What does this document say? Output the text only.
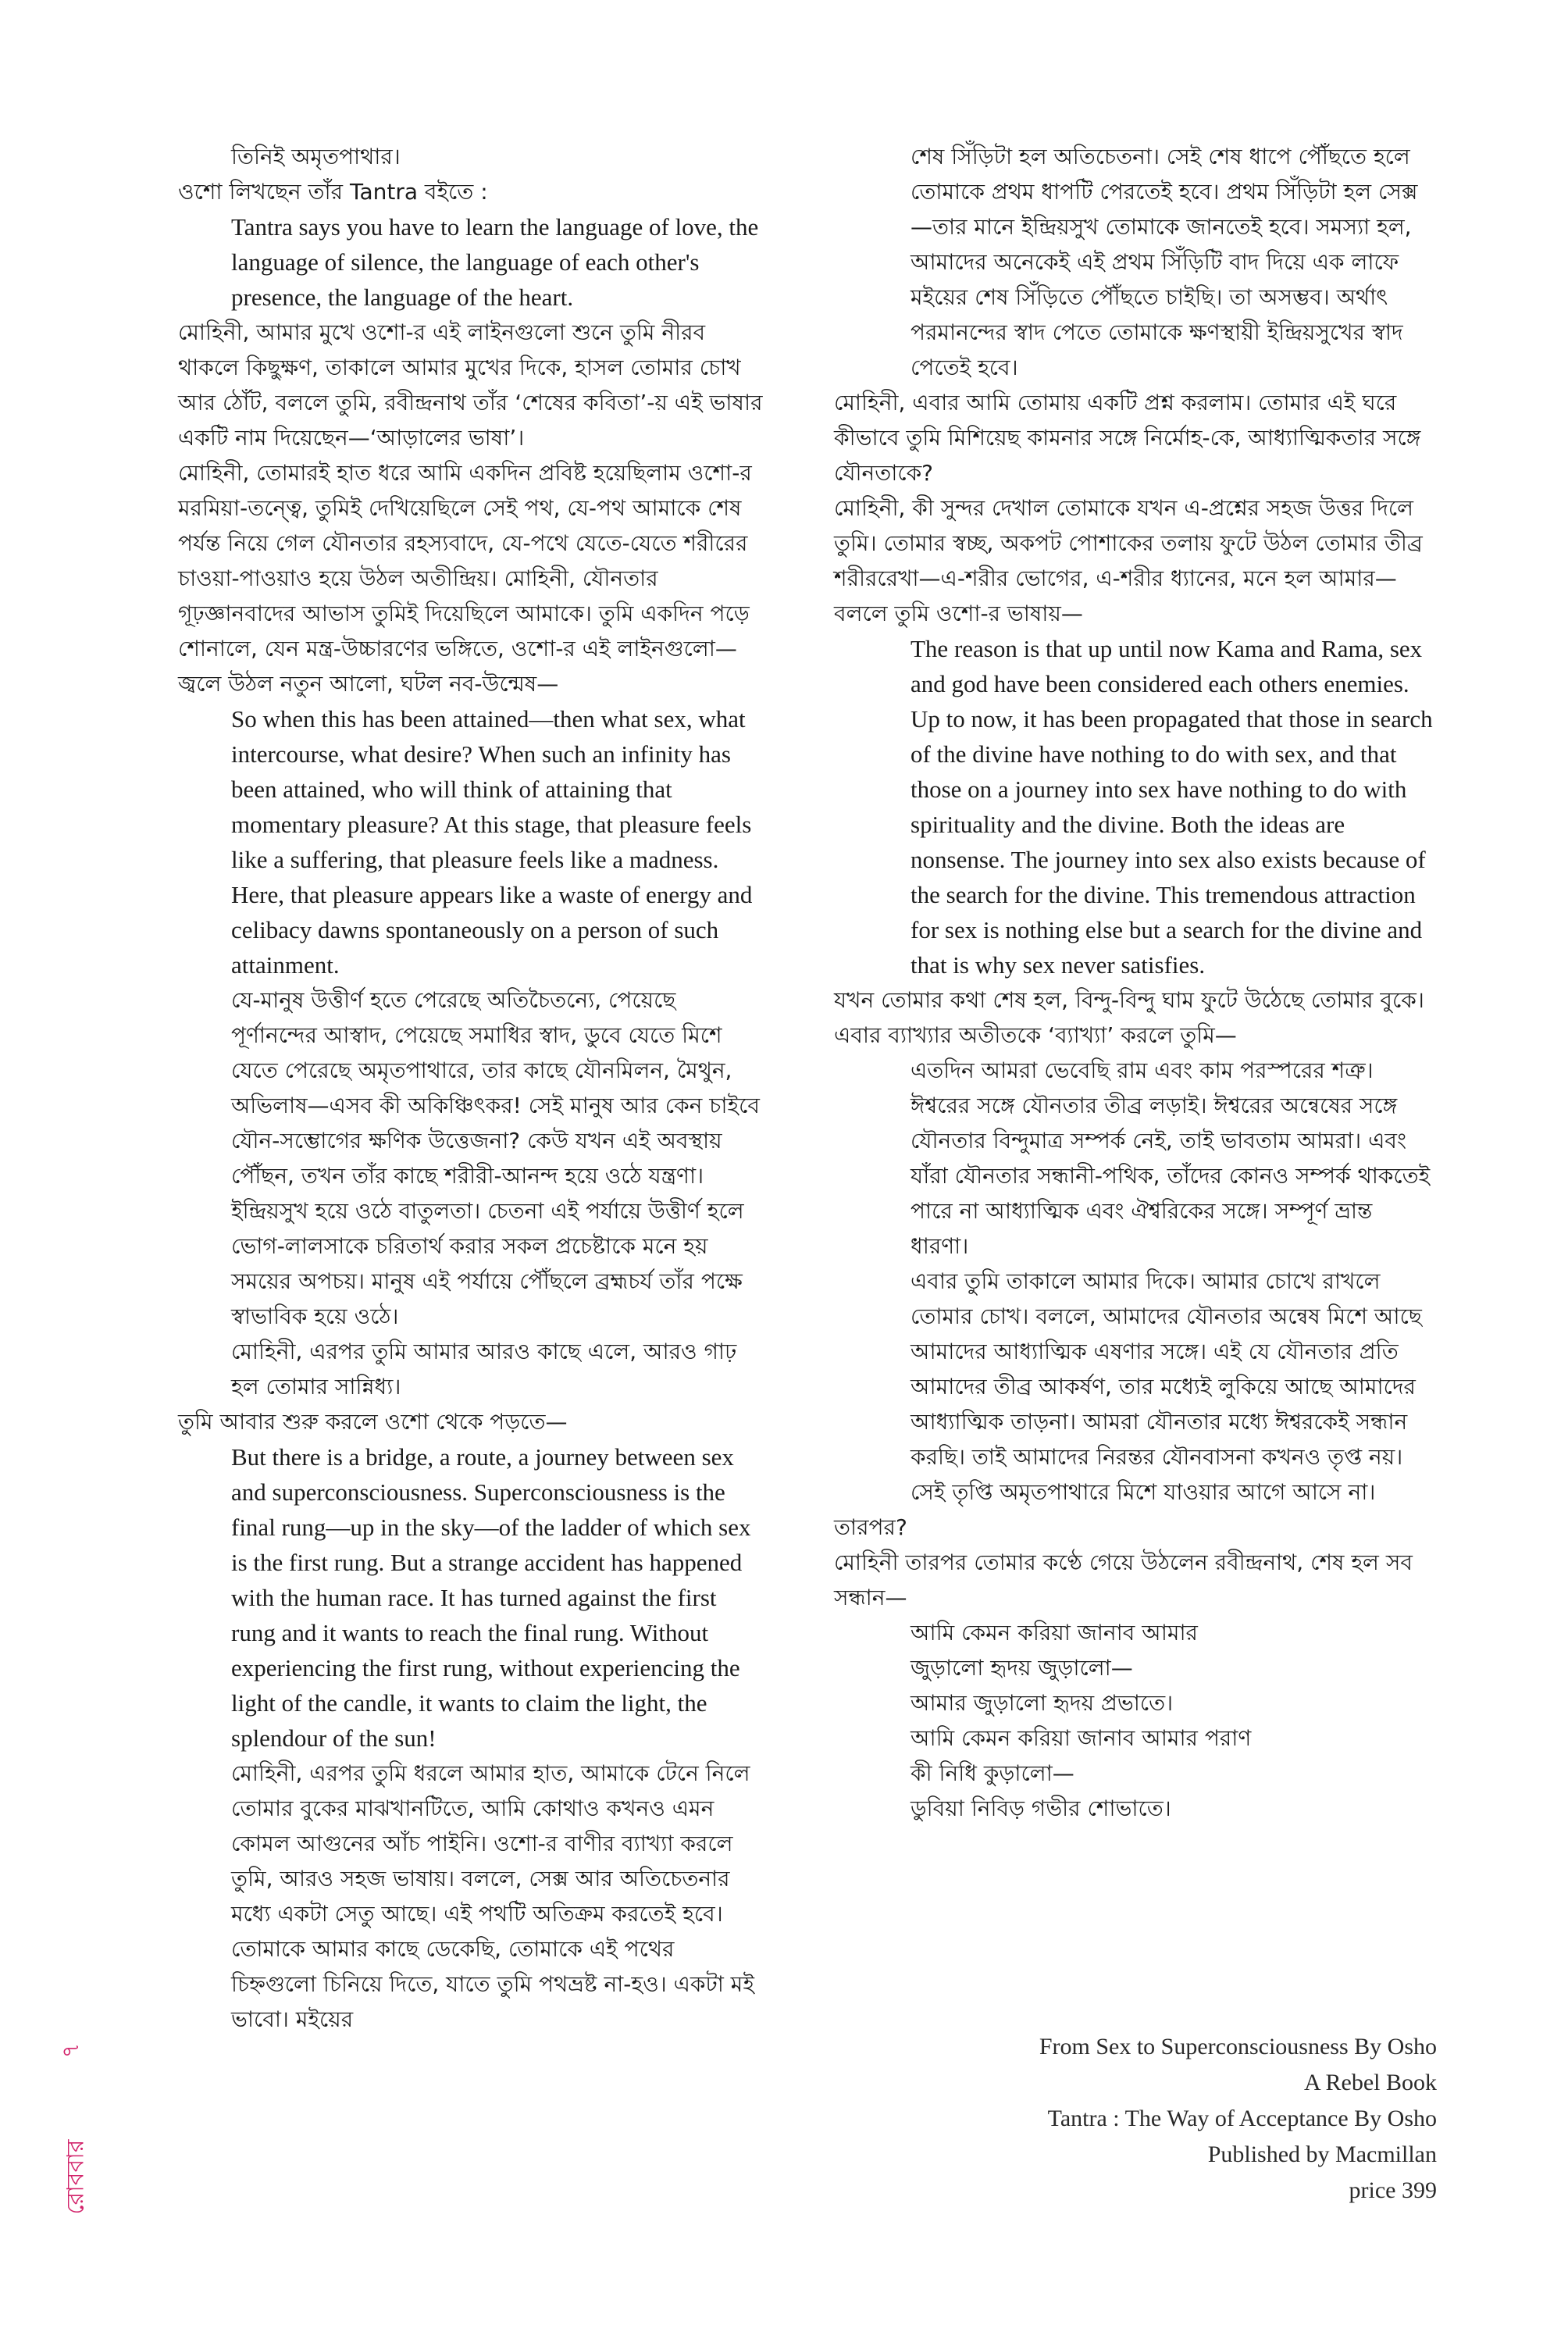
তিনিই অমৃতপাথার।

ওশো লিখছেন তাঁর Tantra বইতে :

Tantra says you have to learn the language of love, the language of silence, the language of each other's presence, the language of the heart.

মোহিনী, আমার মুখে ওশো-র এই লাইনগুলো শুনে তুমি নীরব থাকলে কিছুক্ষণ, তাকালে আমার মুখের দিকে, হাসল তোমার চোখ আর ঠোঁট, বললে তুমি, রবীন্দ্রনাথ তাঁর ‘শেষের কবিতা’-য় এই ভাষার একটি নাম দিয়েছেন—‘আড়ালের ভাষা’।

মোহিনী, তোমারই হাত ধরে আমি একদিন প্রবিষ্ট হয়েছিলাম ওশো-র মরমিয়া-তন্ত্বে, তুমিই দেখিয়েছিলে সেই পথ, যে-পথ আমাকে শেষ পর্যন্ত নিয়ে গেল যৌনতার রহস্যবাদে, যে-পথে যেতে-যেতে শরীরের চাওয়া-পাওয়াও হয়ে উঠল অতীন্দ্রিয়। মোহিনী, যৌনতার গূঢ়জ্ঞানবাদের আভাস তুমিই দিয়েছিলে আমাকে। তুমি একদিন পড়ে শোনালে, যেন মন্ত্র-উচ্চারণের ভঙ্গিতে, ওশো-র এই লাইনগুলো—জ্বলে উঠল নতুন আলো, ঘটল নব-উন্মেষ—

So when this has been attained—then what sex, what intercourse, what desire? When such an infinity has been attained, who will think of attaining that momentary pleasure? At this stage, that pleasure feels like a suffering, that pleasure feels like a madness. Here, that pleasure appears like a waste of energy and celibacy dawns spontaneously on a person of such attainment.

যে-মানুষ উত্তীর্ণ হতে পেরেছে অতিচৈতন্যে, পেয়েছে পূর্ণানন্দের আস্বাদ, পেয়েছে সমাধির স্বাদ, ডুবে যেতে মিশে যেতে পেরেছে অমৃতপাথারে, তার কাছে যৌনমিলন, মৈথুন, অভিলাষ—এসব কী অকিঞ্চিৎকর! সেই মানুষ আর কেন চাইবে যৌন-সম্ভোগের ক্ষণিক উত্তেজনা? কেউ যখন এই অবস্থায় পৌঁছন, তখন তাঁর কাছে শরীরী-আনন্দ হয়ে ওঠে যন্ত্রণা। ইন্দ্রিয়সুখ হয়ে ওঠে বাতুলতা। চেতনা এই পর্যায়ে উত্তীর্ণ হলে ভোগ-লালসাকে চরিতার্থ করার সকল প্রচেষ্টাকে মনে হয় সময়ের অপচয়। মানুষ এই পর্যায়ে পৌঁছলে ব্রহ্মচর্য তাঁর পক্ষে স্বাভাবিক হয়ে ওঠে।

মোহিনী, এরপর তুমি আমার আরও কাছে এলে, আরও গাঢ় হল তোমার সান্নিধ্য।

তুমি আবার শুরু করলে ওশো থেকে পড়তে—

But there is a bridge, a route, a journey between sex and superconsciousness. Superconsciousness is the final rung—up in the sky—of the ladder of which sex is the first rung. But a strange accident has happened with the human race. It has turned against the first rung and it wants to reach the final rung. Without experiencing the first rung, without experiencing the light of the candle, it wants to claim the light, the splendour of the sun!

মোহিনী, এরপর তুমি ধরলে আমার হাত, আমাকে টেনে নিলে তোমার বুকের মাঝখানটিতে, আমি কোথাও কখনও এমন কোমল আগুনের আঁচ পাইনি। ওশো-র বাণীর ব্যাখ্যা করলে তুমি, আরও সহজ ভাষায়। বললে, সেক্স আর অতিচেতনার মধ্যে একটা সেতু আছে। এই পথটি অতিক্রম করতেই হবে। তোমাকে আমার কাছে ডেকেছি, তোমাকে এই পথের চিহ্নগুলো চিনিয়ে দিতে, যাতে তুমি পথভ্রষ্ট না-হও। একটা মই ভাবো। মইয়ের

শেষ সিঁড়িটা হল অতিচেতনা। সেই শেষ ধাপে পৌঁছতে হলে তোমাকে প্রথম ধাপটি পেরতেই হবে। প্রথম সিঁড়িটা হল সেক্স—তার মানে ইন্দ্রিয়সুখ তোমাকে জানতেই হবে। সমস্যা হল, আমাদের অনেকেই এই প্রথম সিঁড়িটি বাদ দিয়ে এক লাফে মইয়ের শেষ সিঁড়িতে পৌঁছতে চাইছি। তা অসম্ভব। অর্থাৎ পরমানন্দের স্বাদ পেতে তোমাকে ক্ষণস্থায়ী ইন্দ্রিয়সুখের স্বাদ পেতেই হবে।

মোহিনী, এবার আমি তোমায় একটি প্রশ্ন করলাম। তোমার এই ঘরে কীভাবে তুমি মিশিয়েছ কামনার সঙ্গে নির্মোহ-কে, আধ্যাত্মিকতার সঙ্গে যৌনতাকে?

মোহিনী, কী সুন্দর দেখাল তোমাকে যখন এ-প্রশ্নের সহজ উত্তর দিলে তুমি। তোমার স্বচ্ছ, অকপট পোশাকের তলায় ফুটে উঠল তোমার তীব্র শরীররেখা—এ-শরীর ভোগের, এ-শরীর ধ্যানের, মনে হল আমার—বললে তুমি ওশো-র ভাষায়—

The reason is that up until now Kama and Rama, sex and god have been considered each others enemies. Up to now, it has been propagated that those in search of the divine have nothing to do with sex, and that those on a journey into sex have nothing to do with spirituality and the divine. Both the ideas are nonsense. The journey into sex also exists because of the search for the divine. This tremendous attraction for sex is nothing else but a search for the divine and that is why sex never satisfies.

যখন তোমার কথা শেষ হল, বিন্দু-বিন্দু ঘাম ফুটে উঠেছে তোমার বুকে। এবার ব্যাখ্যার অতীতকে ‘ব্যাখ্যা’ করলে তুমি—

এতদিন আমরা ভেবেছি রাম এবং কাম পরস্পরের শত্রু। ঈশ্বরের সঙ্গে যৌনতার তীব্র লড়াই। ঈশ্বরের অন্বেষের সঙ্গে যৌনতার বিন্দুমাত্র সম্পর্ক নেই, তাই ভাবতাম আমরা। এবং যাঁরা যৌনতার সন্ধানী-পথিক, তাঁদের কোনও সম্পর্ক থাকতেই পারে না আধ্যাত্মিক এবং ঐশ্বরিকের সঙ্গে। সম্পূর্ণ ভ্রান্ত ধারণা।

এবার তুমি তাকালে আমার দিকে। আমার চোখে রাখলে তোমার চোখ। বললে, আমাদের যৌনতার অন্বেষ মিশে আছে আমাদের আধ্যাত্মিক এষণার সঙ্গে। এই যে যৌনতার প্রতি আমাদের তীব্র আকর্ষণ, তার মধ্যেই লুকিয়ে আছে আমাদের আধ্যাত্মিক তাড়না। আমরা যৌনতার মধ্যে ঈশ্বরকেই সন্ধান করছি। তাই আমাদের নিরন্তর যৌনবাসনা কখনও তৃপ্ত নয়। সেই তৃপ্তি অমৃতপাথারে মিশে যাওয়ার আগে আসে না।

তারপর?

মোহিনী তারপর তোমার কণ্ঠে গেয়ে উঠলেন রবীন্দ্রনাথ, শেষ হল সব সন্ধান—

আমি কেমন করিয়া জানাব আমার

জুড়ালো হৃদয় জুড়ালো—

আমার জুড়ালো হৃদয় প্রভাতে।

আমি কেমন করিয়া জানাব আমার পরাণ

কী নিধি কুড়ালো—

ডুবিয়া নিবিড় গভীর শোভাতে।

From Sex to Superconsciousness By Osho
A Rebel Book
Tantra : The Way of Acceptance By Osho
Published by Macmillan
price 399
৭
রোববার
